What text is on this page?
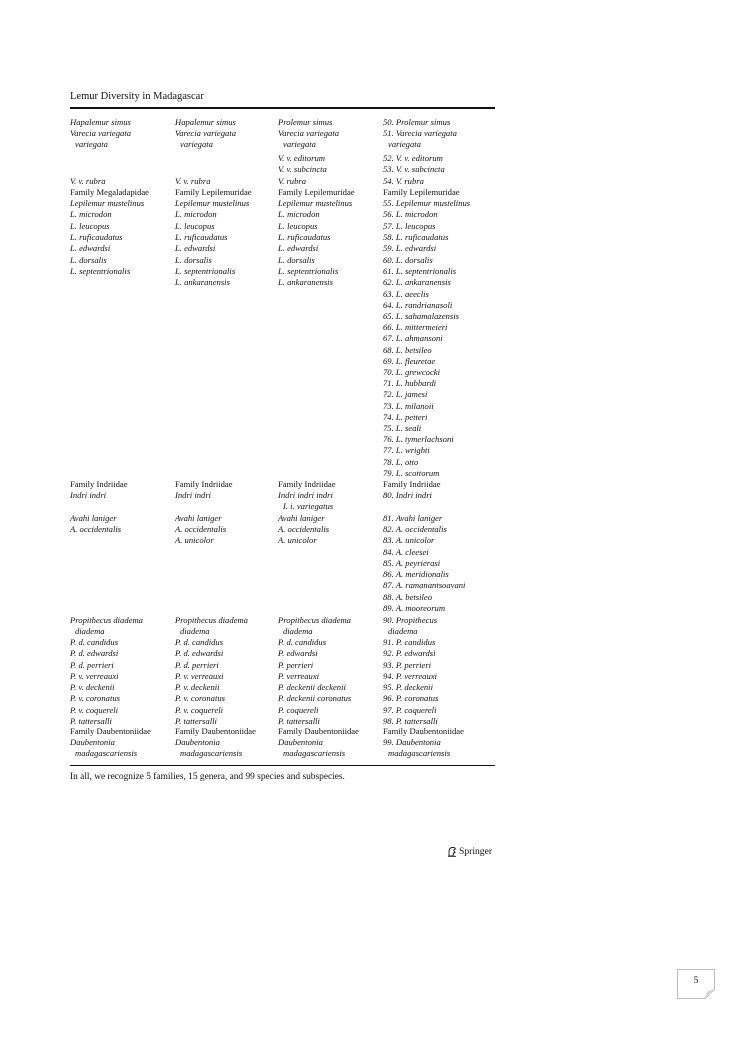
Lemur Diversity in Madagascar
Hapalemur simus
Varecia variegata
variegata
V. v. rubra
Family Megaladapidae
Lepilemur mustelinus
L. microdon
L. leucopus
L. ruficaudatus
L. edwardsi
L. dorsalis
L. septentrionalis
Family Indriidae
Indri indri
Avahi laniger
A. occidentalis
Propithecus diadema
diadema
P. d. candidus
P. d. edwardsi
P. d. perrieri
P. v. verreauxi
P. v. deckenii
P. v. coronatus
P. v. coquereli
P. tattersalli
Family Daubentoniidae
Daubentonia
madagascariensis
Hapalemur simus
Varecia variegata
variegata
V. v. rubra
Family Lepilemuridae
Lepilemur mustelinus
L. microdon
L. leucopus
L. ruficaudatus
L. edwardsi
L. dorsalis
L. septentrionalis
L. ankaranensis
Family Indriidae
Indri indri
Avahi laniger
A. occidentalis
A. unicolor
Propithecus diadema
diadema
P. d. candidus
P. d. edwardsi
P. d. perrieri
P. v. verreauxi
P. v. deckenii
P. v. coronatus
P. v. coquereli
P. tattersalli
Family Daubentoniidae
Daubentonia
madagascariensis
Prolemur simus
Varecia variegata
variegata
V. v. editorum
V. v. subcincta
V. rubra
Family Lepilemuridae
Lepilemur mustelinus
L. microdon
L. leucopus
L. ruficaudatus
L. edwardsi
L. dorsalis
L. septentrionalis
L. ankaranensis
Family Indriidae
Indri indri indri
I. i. variegatus
Avahi laniger
A. occidentalis
A. unicolor
Propithecus diadema
diadema
P. d. candidus
P. edwardsi
P. perrieri
P. verreauxi
P. deckenii deckenii
P. deckenii coronatus
P. coquereli
P. tattersalli
Family Daubentoniidae
Daubentonia
madagascariensis
50. Prolemur simus
51. Varecia variegata
variegata
52. V. v. editorum
53. V. v. subcincta
54. V. rubra
Family Lepilemuridae
55. Lepilemur mustelinus
56. L. microdon
57. L. leucopus
58. L. ruficaudatus
59. L. edwardsi
60. L. dorsalis
61. L. septentrionalis
62. L. ankaranensis
63. L. aeeclis
64. L. randrianasoli
65. L. sahamalazensis
66. L. mittermeieri
67. L. ahmansoni
68. L. betsileo
69. L. fleuretae
70. L. grewcocki
71. L. hubbardi
72. L. jamesi
73. L. milanoii
74. L. petteri
75. L. seali
76. L. tymerlachsoni
77. L. wrighti
78. L. otto
79. L. scottorum
Family Indriidae
80. Indri indri
81. Avahi laniger
82. A. occidentalis
83. A. unicolor
84. A. cleesei
85. A. peyrierasi
86. A. meridionalis
87. A. ramanantsoavani
88. A. betsileo
89. A. mooreorum
90. Propithecus
diadema
91. P. candidus
92. P. edwardsi
93. P. perrieri
94. P. verreauxi
95. P. deckenii
96. P. coronatus
97. P. coquereli
98. P. tattersalli
Family Daubentoniidae
99. Daubentonia
madagascariensis
In all, we recognize 5 families, 15 genera, and 99 species and subspecies.
Springer
5
